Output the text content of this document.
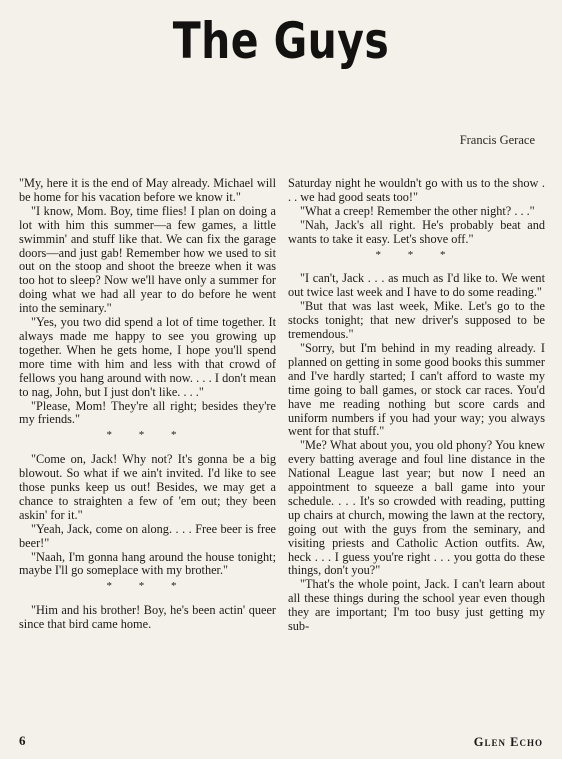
The Guys
Francis Gerace

"My, here it is the end of May already. Michael will be home for his vacation before we know it."

"I know, Mom. Boy, time flies! I plan on doing a lot with him this summer—a few games, a little swimmin' and stuff like that. We can fix the garage doors—and just gab! Remember how we used to sit out on the stoop and shoot the breeze when it was too hot to sleep? Now we'll have only a summer for doing what we had all year to do before he went into the seminary."

"Yes, you two did spend a lot of time together. It always made me happy to see you growing up together. When he gets home, I hope you'll spend more time with him and less with that crowd of fellows you hang around with now. . . . I don't mean to nag, John, but I just don't like. . . ."

"Please, Mom! They're all right; besides they're my friends."

* * *

"Come on, Jack! Why not? It's gonna be a big blowout. So what if we ain't invited. I'd like to see those punks keep us out! Besides, we may get a chance to straighten a few of 'em out; they been askin' for it."

"Yeah, Jack, come on along. . . . Free beer is free beer!"

"Naah, I'm gonna hang around the house tonight; maybe I'll go someplace with my brother."

* * *

"Him and his brother! Boy, he's been actin' queer since that bird came home.

Saturday night he wouldn't go with us to the show . . . we had good seats too!"

"What a creep! Remember the other night? . . ."

"Nah, Jack's all right. He's probably beat and wants to take it easy. Let's shove off."

* * *

"I can't, Jack . . . as much as I'd like to. We went out twice last week and I have to do some reading."

"But that was last week, Mike. Let's go to the stocks tonight; that new driver's supposed to be tremendous."

"Sorry, but I'm behind in my reading already. I planned on getting in some good books this summer and I've hardly started; I can't afford to waste my time going to ball games, or stock car races. You'd have me reading nothing but score cards and uniform numbers if you had your way; you always went for that stuff."

"Me? What about you, you old phony? You knew every batting average and foul line distance in the National League last year; but now I need an appointment to squeeze a ball game into your schedule. . . . It's so crowded with reading, putting up chairs at church, mowing the lawn at the rectory, going out with the guys from the seminary, and visiting priests and Catholic Action outfits. Aw, heck . . . I guess you're right . . . you gotta do these things, don't you?"

"That's the whole point, Jack. I can't learn about all these things during the school year even though they are important; I'm too busy just getting my sub-

6	Glen Echo
